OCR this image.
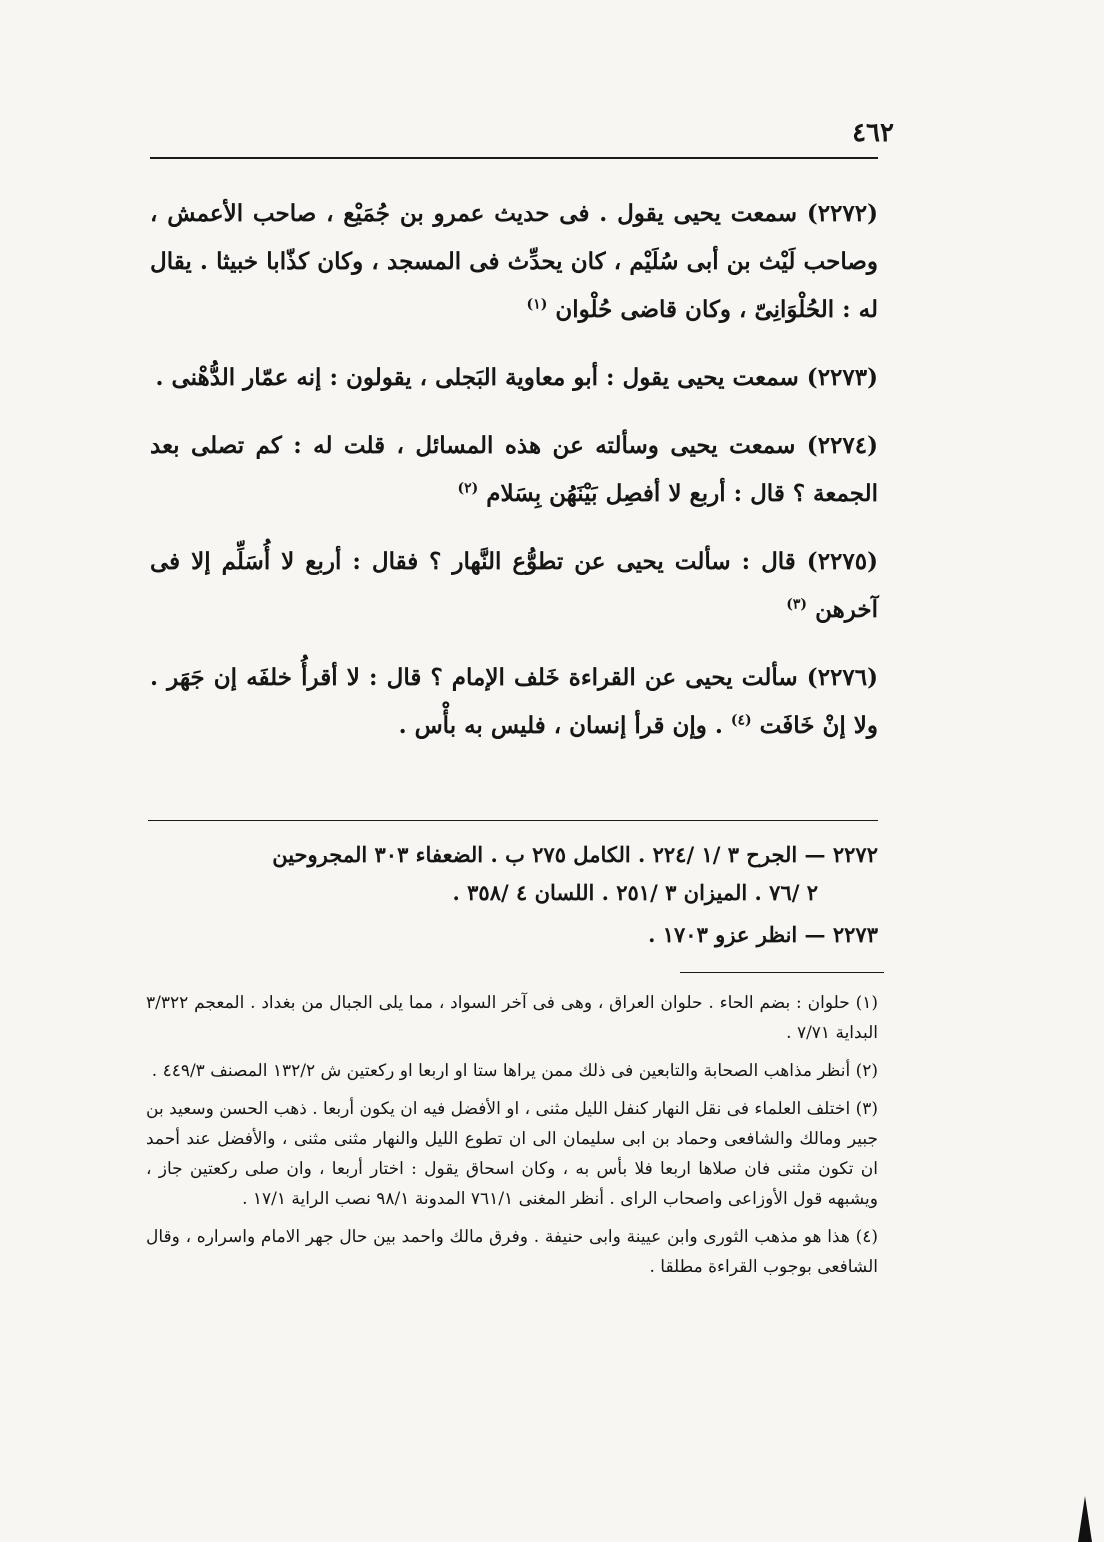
٤٦٢

(٢٢٧٢) سمعت يحيى يقول . فى حديث عمرو بن جُمَيْع ، صاحب الأعمش ، وصاحب لَيْث بن أبى سُلَيْم ، كان يحدِّث فى المسجد ، وكان كذّابا خبيثا . يقال له : الحُلْوَانِىّ ، وكان قاضى حُلْوان $^{(١)}$

(٢٢٧٣) سمعت يحيى يقول : أبو معاوية البَجلى ، يقولون : إنه عمّار الدُّهْنى .

(٢٢٧٤) سمعت يحيى وسألته عن هذه المسائل ، قلت له : كم تصلى بعد الجمعة ؟ قال : أربع لا أفصِل بَيْنَهُن بِسَلام $^{(٢)}$

(٢٢٧٥) قال : سألت يحيى عن تطوُّع النَّهار ؟ فقال : أربع لا أُسَلِّم إلا فى آخرهن $^{(٣)}$

(٢٢٧٦) سألت يحيى عن القراءة خَلف الإمام ؟ قال : لا أقرأُ خلفَه إن جَهَر . ولا إنْ خَافَت $^{(٤)}$ . وإن قرأ إنسان ، فليس به بأْس .

٢٢٧٢ — الجرح ٣ /١ /٢٢٤ . الكامل ٢٧٥ ب . الضعفاء ٣٠٣ المجروحين
٢ /٧٦ . الميزان ٣ /٢٥١ . اللسان ٤ /٣٥٨ .
٢٢٧٣ — انظر عزو ١٧٠٣ .

(١) حلوان : بضم الحاء . حلوان العراق ، وهى فى آخر السواد ، مما يلى الجبال من بغداد . المعجم ٣/٣٢٢ البداية ٧/٧١ .

(٢) أنظر مذاهب الصحابة والتابعين فى ذلك ممن يراها ستا او اربعا او ركعتين ش ١٣٢/٢ المصنف ٤٤٩/٣ .

(٣) اختلف العلماء فى نقل النهار كنفل الليل مثنى ، او الأفضل فيه ان يكون أربعا . ذهب الحسن وسعيد بن جبير ومالك والشافعى وحماد بن ابى سليمان الى ان تطوع الليل والنهار مثنى مثنى ، والأفضل عند أحمد ان تكون مثنى فان صلاها اربعا فلا بأس به ، وكان اسحاق يقول : اختار أربعا ، وان صلى ركعتين جاز ، ويشبهه قول الأوزاعى واصحاب الراى . أنظر المغنى ٧٦١/١ المدونة ٩٨/١ نصب الراية ١٧/١ .

(٤) هذا هو مذهب الثورى وابن عيينة وابى حنيفة . وفرق مالك واحمد بين حال جهر الامام واسراره ، وقال الشافعى بوجوب القراءة مطلقا .
